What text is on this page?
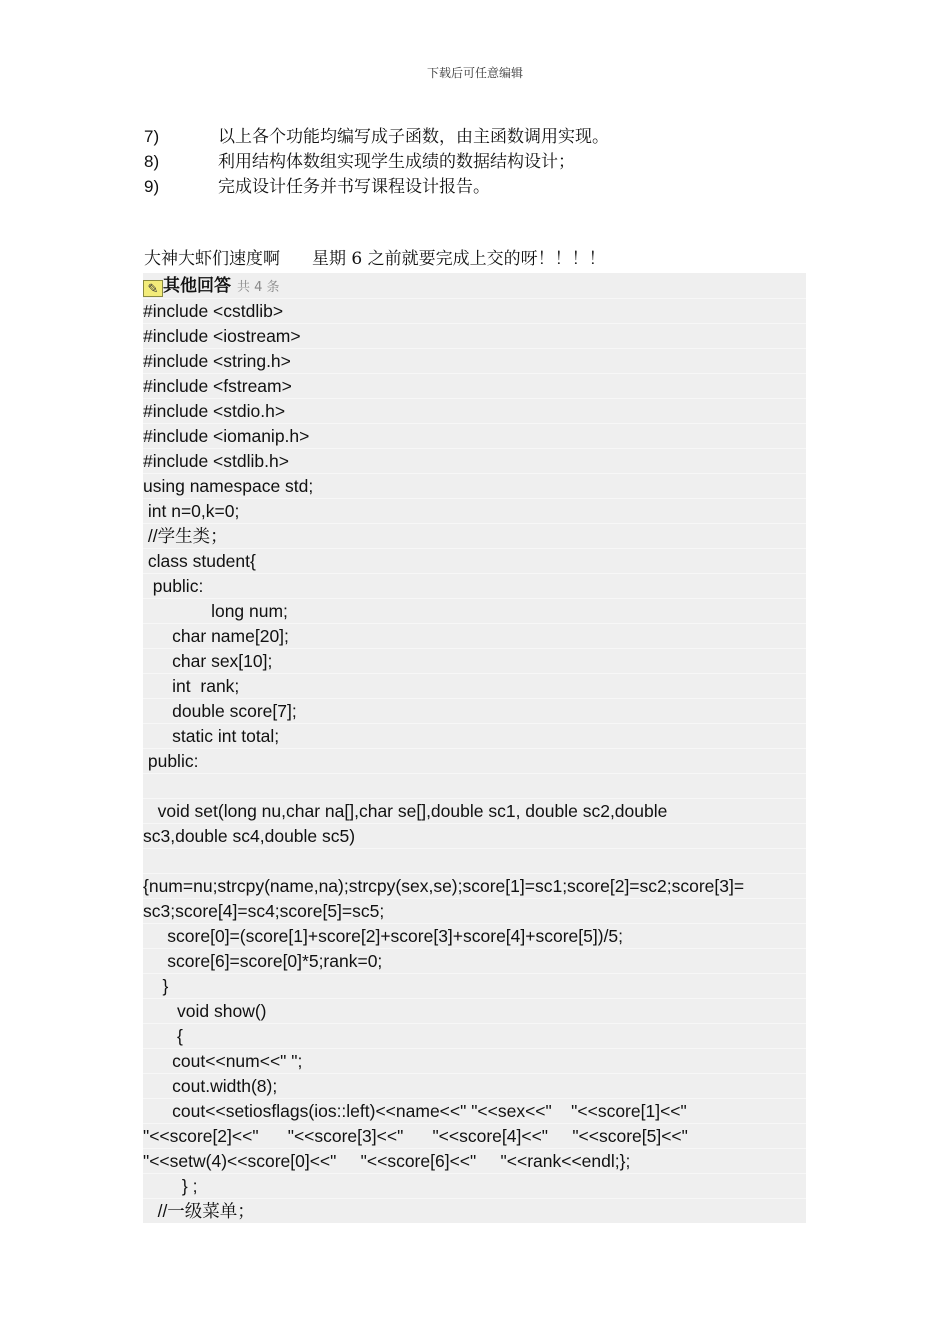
下载后可任意编辑
7)	以上各个功能均编写成子函数，由主函数调用实现。
8)	利用结构体数组实现学生成绩的数据结构设计；
9)	完成设计任务并书写课程设计报告。
大神大虾们速度啊 星期 6 之前就要完成上交的呀！！！！
✎ 其他回答 共 4 条
#include <cstdlib>
#include <iostream>
#include <string.h>
#include <fstream>
#include <stdio.h>
#include <iomanip.h>
#include <stdlib.h>
using namespace std;
int n=0,k=0;
//学生类；
class student{
public:
long num;
char name[20];
char sex[10];
int  rank;
double score[7];
static int total;
public:
void set(long nu,char na[],char se[],double sc1, double sc2,double
sc3,double sc4,double sc5)
{num=nu;strcpy(name,na);strcpy(sex,se);score[1]=sc1;score[2]=sc2;score[3]=
sc3;score[4]=sc4;score[5]=sc5;
score[0]=(score[1]+score[2]+score[3]+score[4]+score[5])/5;
score[6]=score[0]*5;rank=0;
}
void show()
{
cout<<num<<" ";
cout.width(8);
cout<<setiosflags(ios::left)<<name<<" "<<sex<<"    "<<score[1]<<"
"<<score[2]<<"      "<<score[3]<<"      "<<score[4]<<"     "<<score[5]<<"
"<<setw(4)<<score[0]<<"     "<<score[6]<<"     "<<rank<<endl;};
} ;
//一级菜单；
